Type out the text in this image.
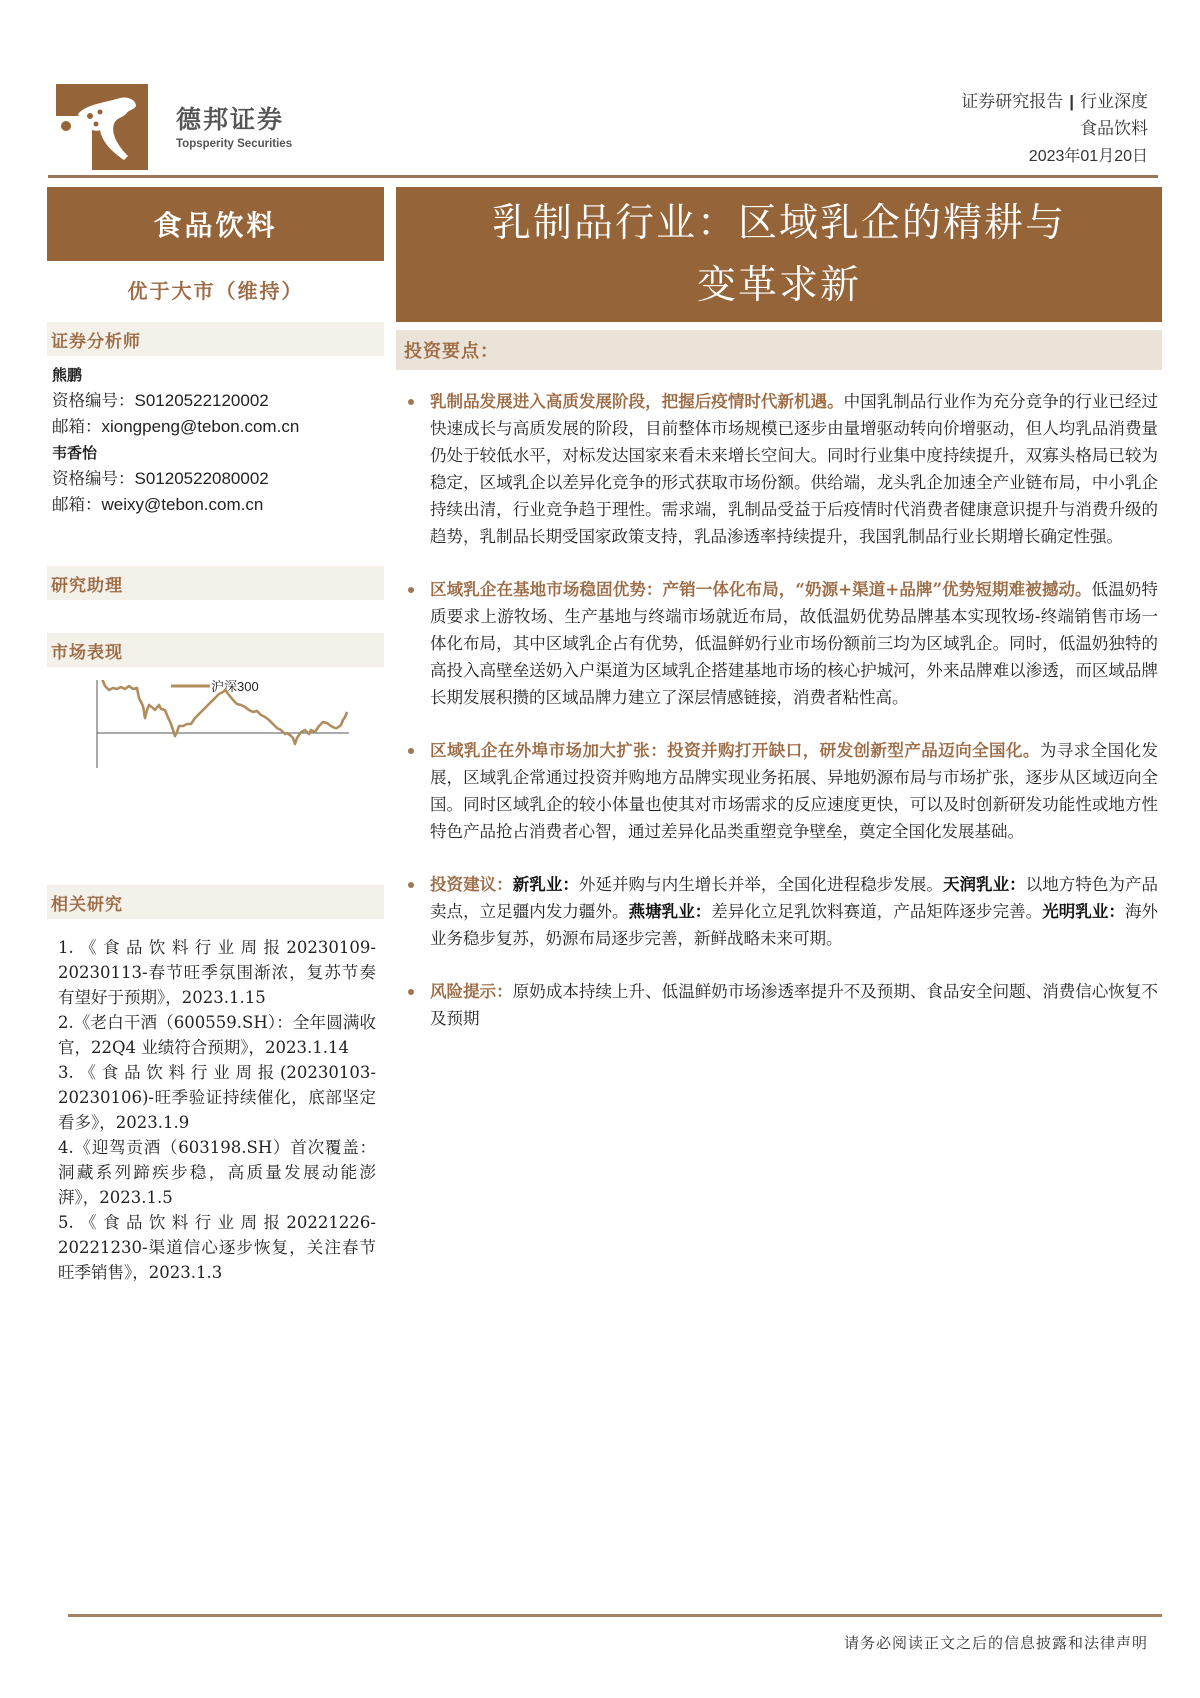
德邦证券
Topsperity Securities
证券研究报告 | 行业深度
食品饮料
2023年01月20日
食品饮料
优于大市（维持）
证券分析师
熊鹏
资格编号：S0120522120002
邮箱：xiongpeng@tebon.com.cn
韦香怡
资格编号：S0120522080002
邮箱：weixy@tebon.com.cn
研究助理
市场表现
沪深300
相关研究
1.《食品饮料行业周报20230109-20230113-春节旺季氛围渐浓，复苏节奏有望好于预期》，2023.1.15
2.《老白干酒（600559.SH）：全年圆满收官，22Q4 业绩符合预期》，2023.1.14
3.《食品饮料行业周报(20230103-20230106)-旺季验证持续催化，底部坚定看多》，2023.1.9
4.《迎驾贡酒（603198.SH）首次覆盖：洞藏系列蹄疾步稳，高质量发展动能澎湃》，2023.1.5
5.《食品饮料行业周报20221226-20221230-渠道信心逐步恢复，关注春节旺季销售》，2023.1.3
乳制品行业：区域乳企的精耕与
变革求新
投资要点：
乳制品发展进入高质发展阶段，把握后疫情时代新机遇。中国乳制品行业作为充分竞争的行业已经过快速成长与高质发展的阶段，目前整体市场规模已逐步由量增驱动转向价增驱动，但人均乳品消费量仍处于较低水平，对标发达国家来看未来增长空间大。同时行业集中度持续提升，双寡头格局已较为稳定，区域乳企以差异化竞争的形式获取市场份额。供给端，龙头乳企加速全产业链布局，中小乳企持续出清，行业竞争趋于理性。需求端，乳制品受益于后疫情时代消费者健康意识提升与消费升级的趋势，乳制品长期受国家政策支持，乳品渗透率持续提升，我国乳制品行业长期增长确定性强。
区域乳企在基地市场稳固优势：产销一体化布局，“奶源+渠道+品牌”优势短期难被撼动。低温奶特质要求上游牧场、生产基地与终端市场就近布局，故低温奶优势品牌基本实现牧场-终端销售市场一体化布局，其中区域乳企占有优势，低温鲜奶行业市场份额前三均为区域乳企。同时，低温奶独特的高投入高壁垒送奶入户渠道为区域乳企搭建基地市场的核心护城河，外来品牌难以渗透，而区域品牌长期发展积攒的区域品牌力建立了深层情感链接，消费者粘性高。
区域乳企在外埠市场加大扩张：投资并购打开缺口，研发创新型产品迈向全国化。为寻求全国化发展，区域乳企常通过投资并购地方品牌实现业务拓展、异地奶源布局与市场扩张，逐步从区域迈向全国。同时区域乳企的较小体量也使其对市场需求的反应速度更快，可以及时创新研发功能性或地方性特色产品抢占消费者心智，通过差异化品类重塑竞争壁垒，奠定全国化发展基础。
投资建议：新乳业：外延并购与内生增长并举，全国化进程稳步发展。天润乳业：以地方特色为产品卖点，立足疆内发力疆外。燕塘乳业：差异化立足乳饮料赛道，产品矩阵逐步完善。光明乳业：海外业务稳步复苏，奶源布局逐步完善，新鲜战略未来可期。
风险提示：原奶成本持续上升、低温鲜奶市场渗透率提升不及预期、食品安全问题、消费信心恢复不及预期
请务必阅读正文之后的信息披露和法律声明
